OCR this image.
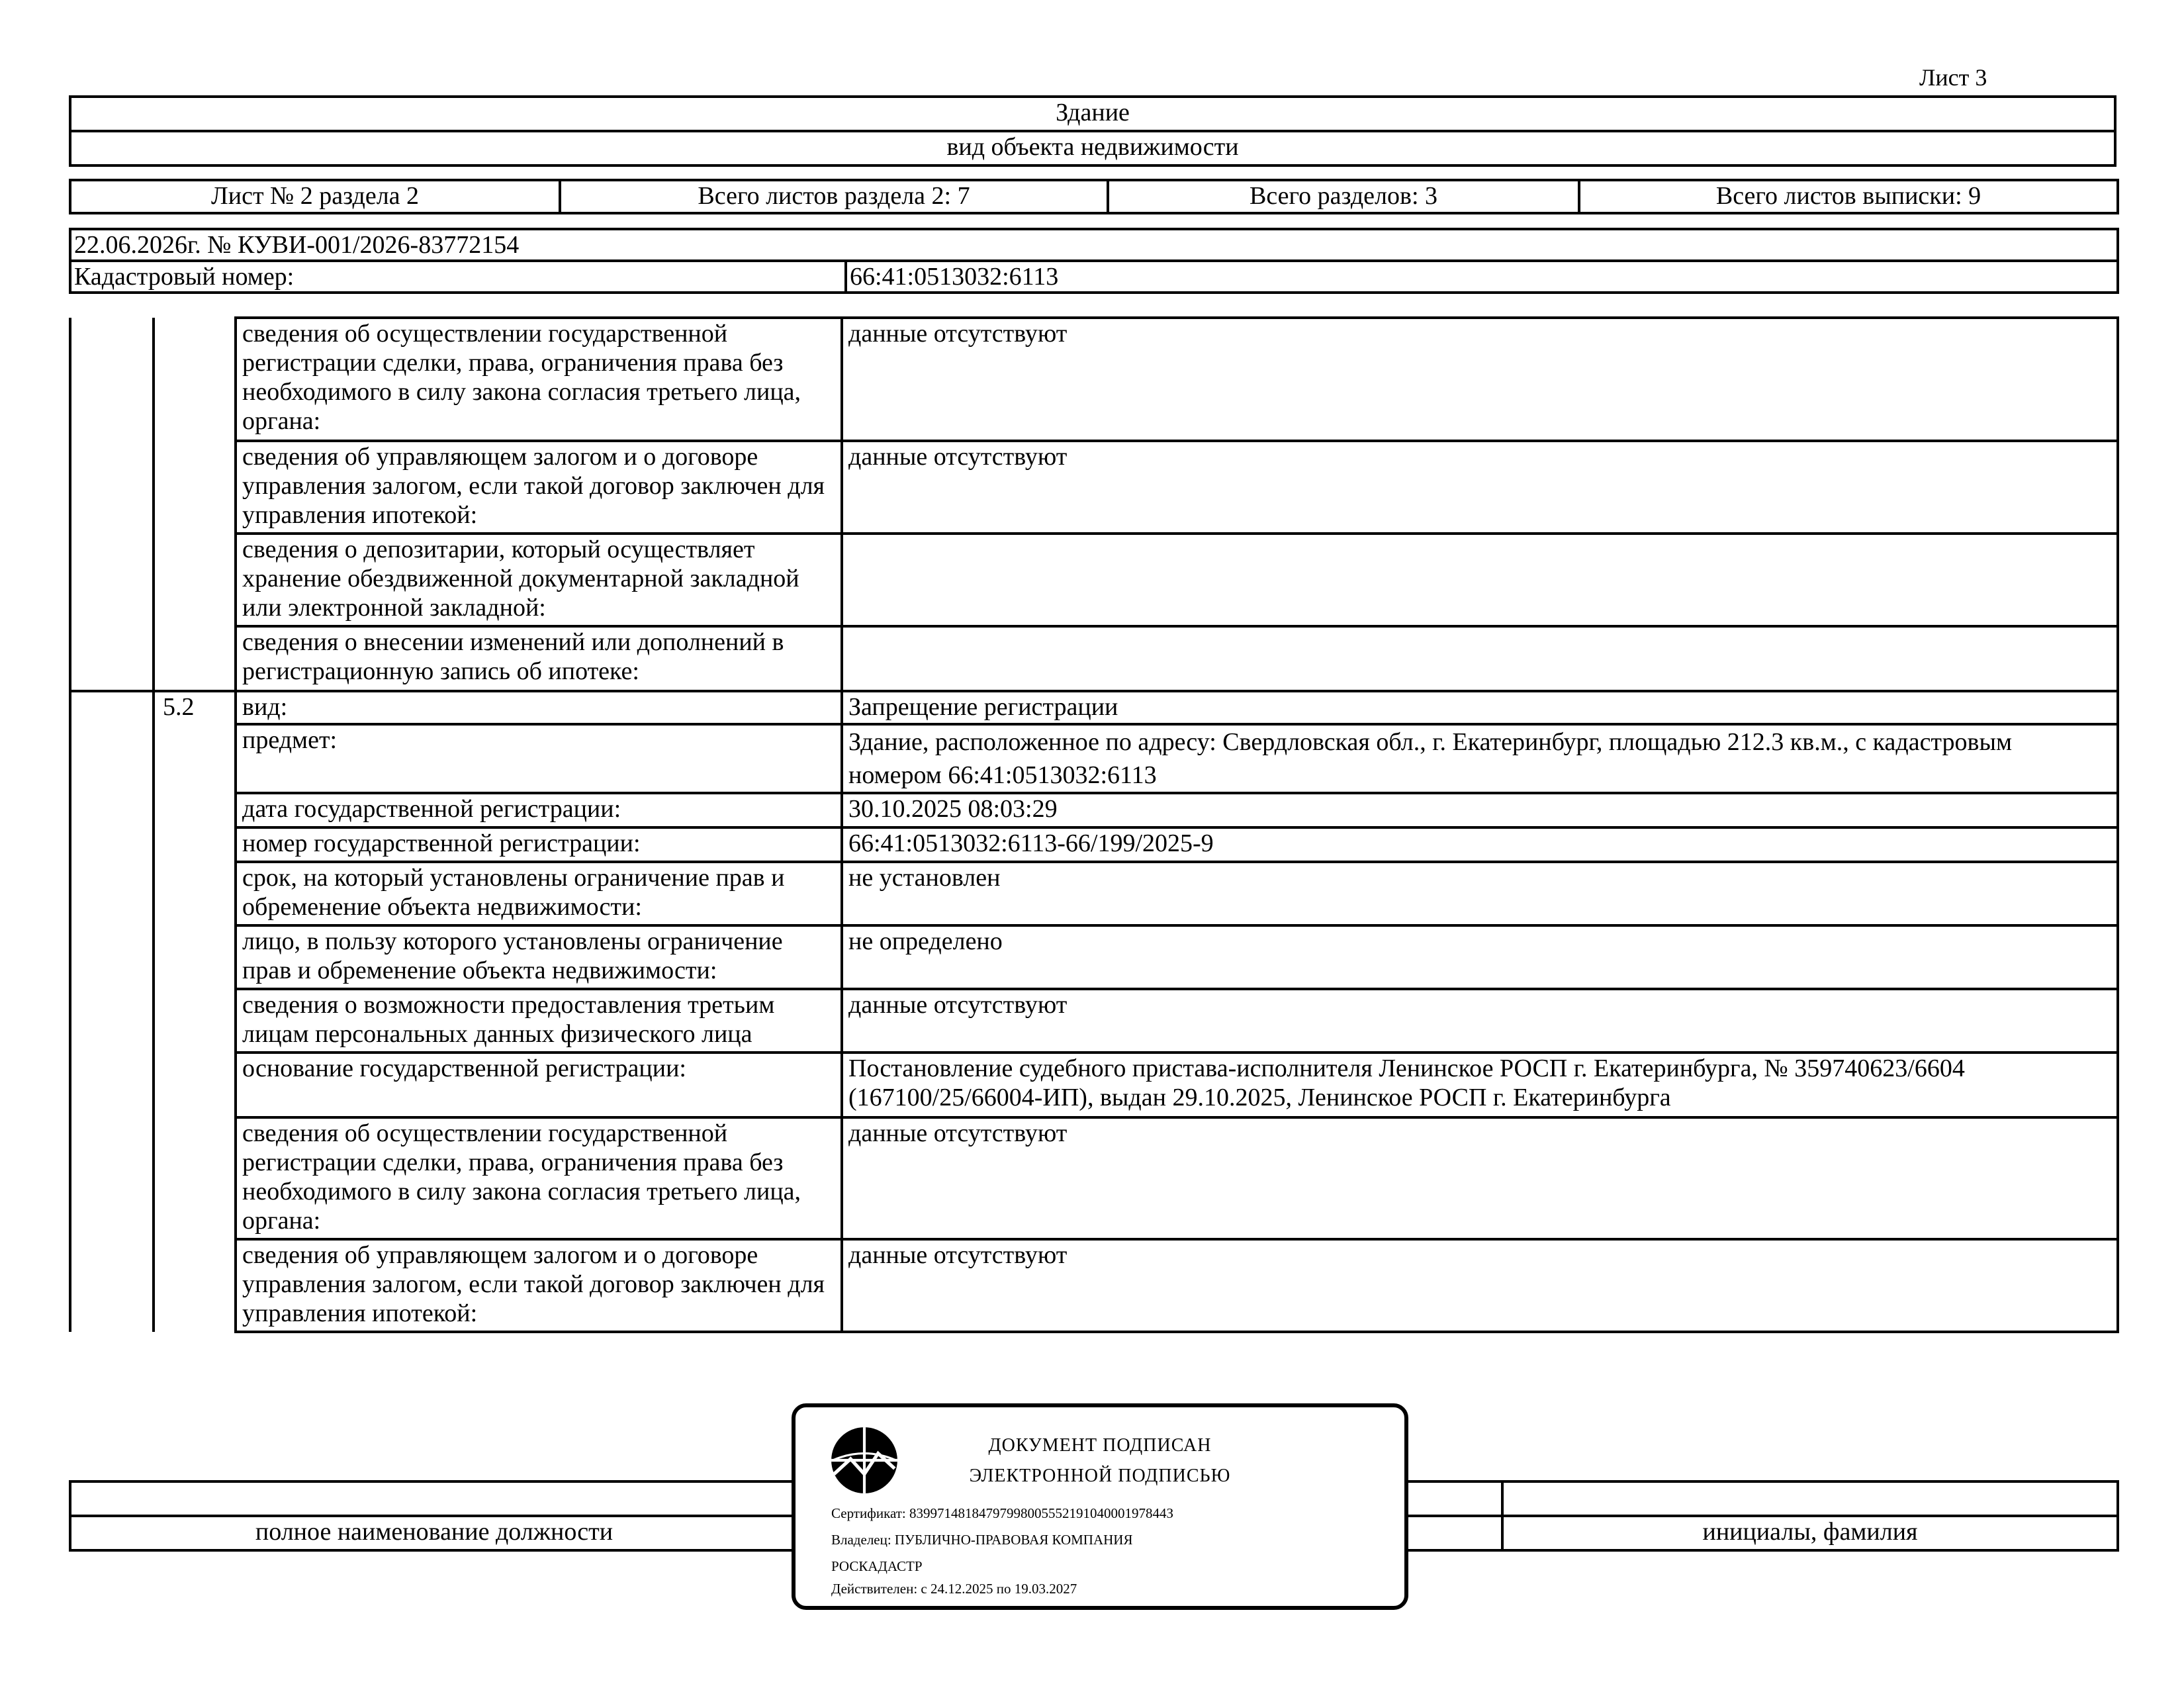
Лист 3
Здание
вид объекта недвижимости
Лист № 2 раздела 2	Всего листов раздела 2: 7	Всего разделов: 3	Всего листов выписки: 9
22.06.2026г. № КУВИ-001/2026-83772154
Кадастровый номер:	66:41:0513032:6113
		сведения об осуществлении государственной регистрации сделки, права, ограничения права без необходимого в силу закона согласия третьего лица, органа:	данные отсутствуют
		сведения об управляющем залогом и о договоре управления залогом, если такой договор заключен для управления ипотекой:	данные отсутствуют
		сведения о депозитарии, который осуществляет хранение обездвиженной документарной закладной или электронной закладной:	
		сведения о внесении изменений или дополнений в регистрационную запись об ипотеке:	
	5.2	вид:	Запрещение регистрации
		предмет:	Здание, расположенное по адресу: Свердловская обл., г. Екатеринбург, площадью 212.3 кв.м., с кадастровым номером 66:41:0513032:6113
		дата государственной регистрации:	30.10.2025 08:03:29
		номер государственной регистрации:	66:41:0513032:6113-66/199/2025-9
		срок, на который установлены ограничение прав и обременение объекта недвижимости:	не установлен
		лицо, в пользу которого установлены ограничение прав и обременение объекта недвижимости:	не определено
		сведения о возможности предоставления третьим лицам персональных данных физического лица	данные отсутствуют
		основание государственной регистрации:	Постановление судебного пристава-исполнителя Ленинское РОСП г. Екатеринбурга, № 359740623/6604 (167100/25/66004-ИП), выдан 29.10.2025, Ленинское РОСП г. Екатеринбурга
		сведения об осуществлении государственной регистрации сделки, права, ограничения права без необходимого в силу закона согласия третьего лица, органа:	данные отсутствуют
		сведения об управляющем залогом и о договоре управления залогом, если такой договор заключен для управления ипотекой:	данные отсутствуют

полное наименование должности		инициалы, фамилия
ДОКУМЕНТ ПОДПИСАН
ЭЛЕКТРОННОЙ ПОДПИСЬЮ
Сертификат: 8399714818479799800555219104000197844З
Владелец: ПУБЛИЧНО-ПРАВОВАЯ КОМПАНИЯ
РОСКАДАСТР
Действителен: с 24.12.2025 по 19.03.2027
